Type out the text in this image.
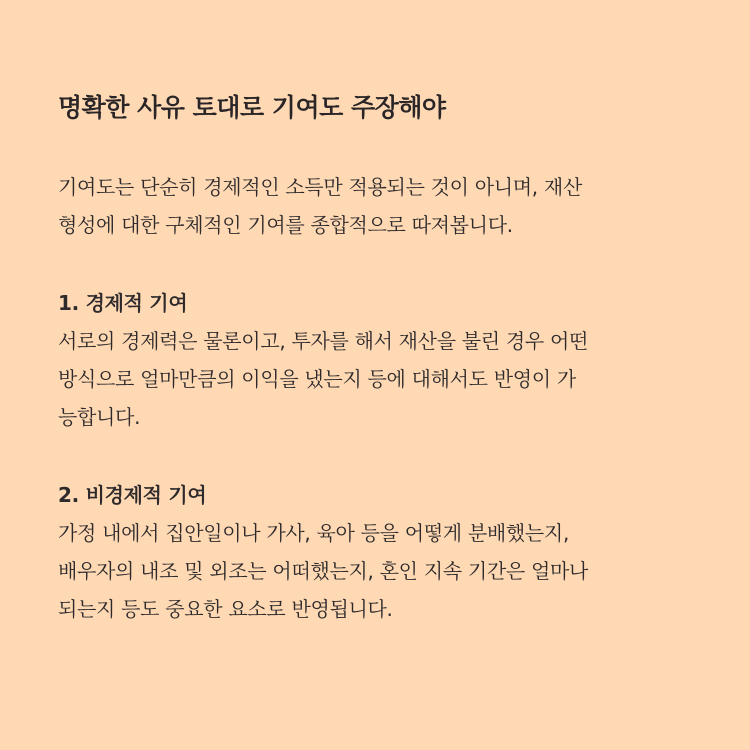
명확한 사유 토대로 기여도 주장해야
기여도는 단순히 경제적인 소득만 적용되는 것이 아니며, 재산
형성에 대한 구체적인 기여를 종합적으로 따져봅니다.
1. 경제적 기여
서로의 경제력은 물론이고, 투자를 해서 재산을 불린 경우 어떤
방식으로 얼마만큼의 이익을 냈는지 등에 대해서도 반영이 가
능합니다.
2. 비경제적 기여
가정 내에서 집안일이나 가사, 육아 등을 어떻게 분배했는지,
배우자의 내조 및 외조는 어떠했는지, 혼인 지속 기간은 얼마나
되는지 등도 중요한 요소로 반영됩니다.
